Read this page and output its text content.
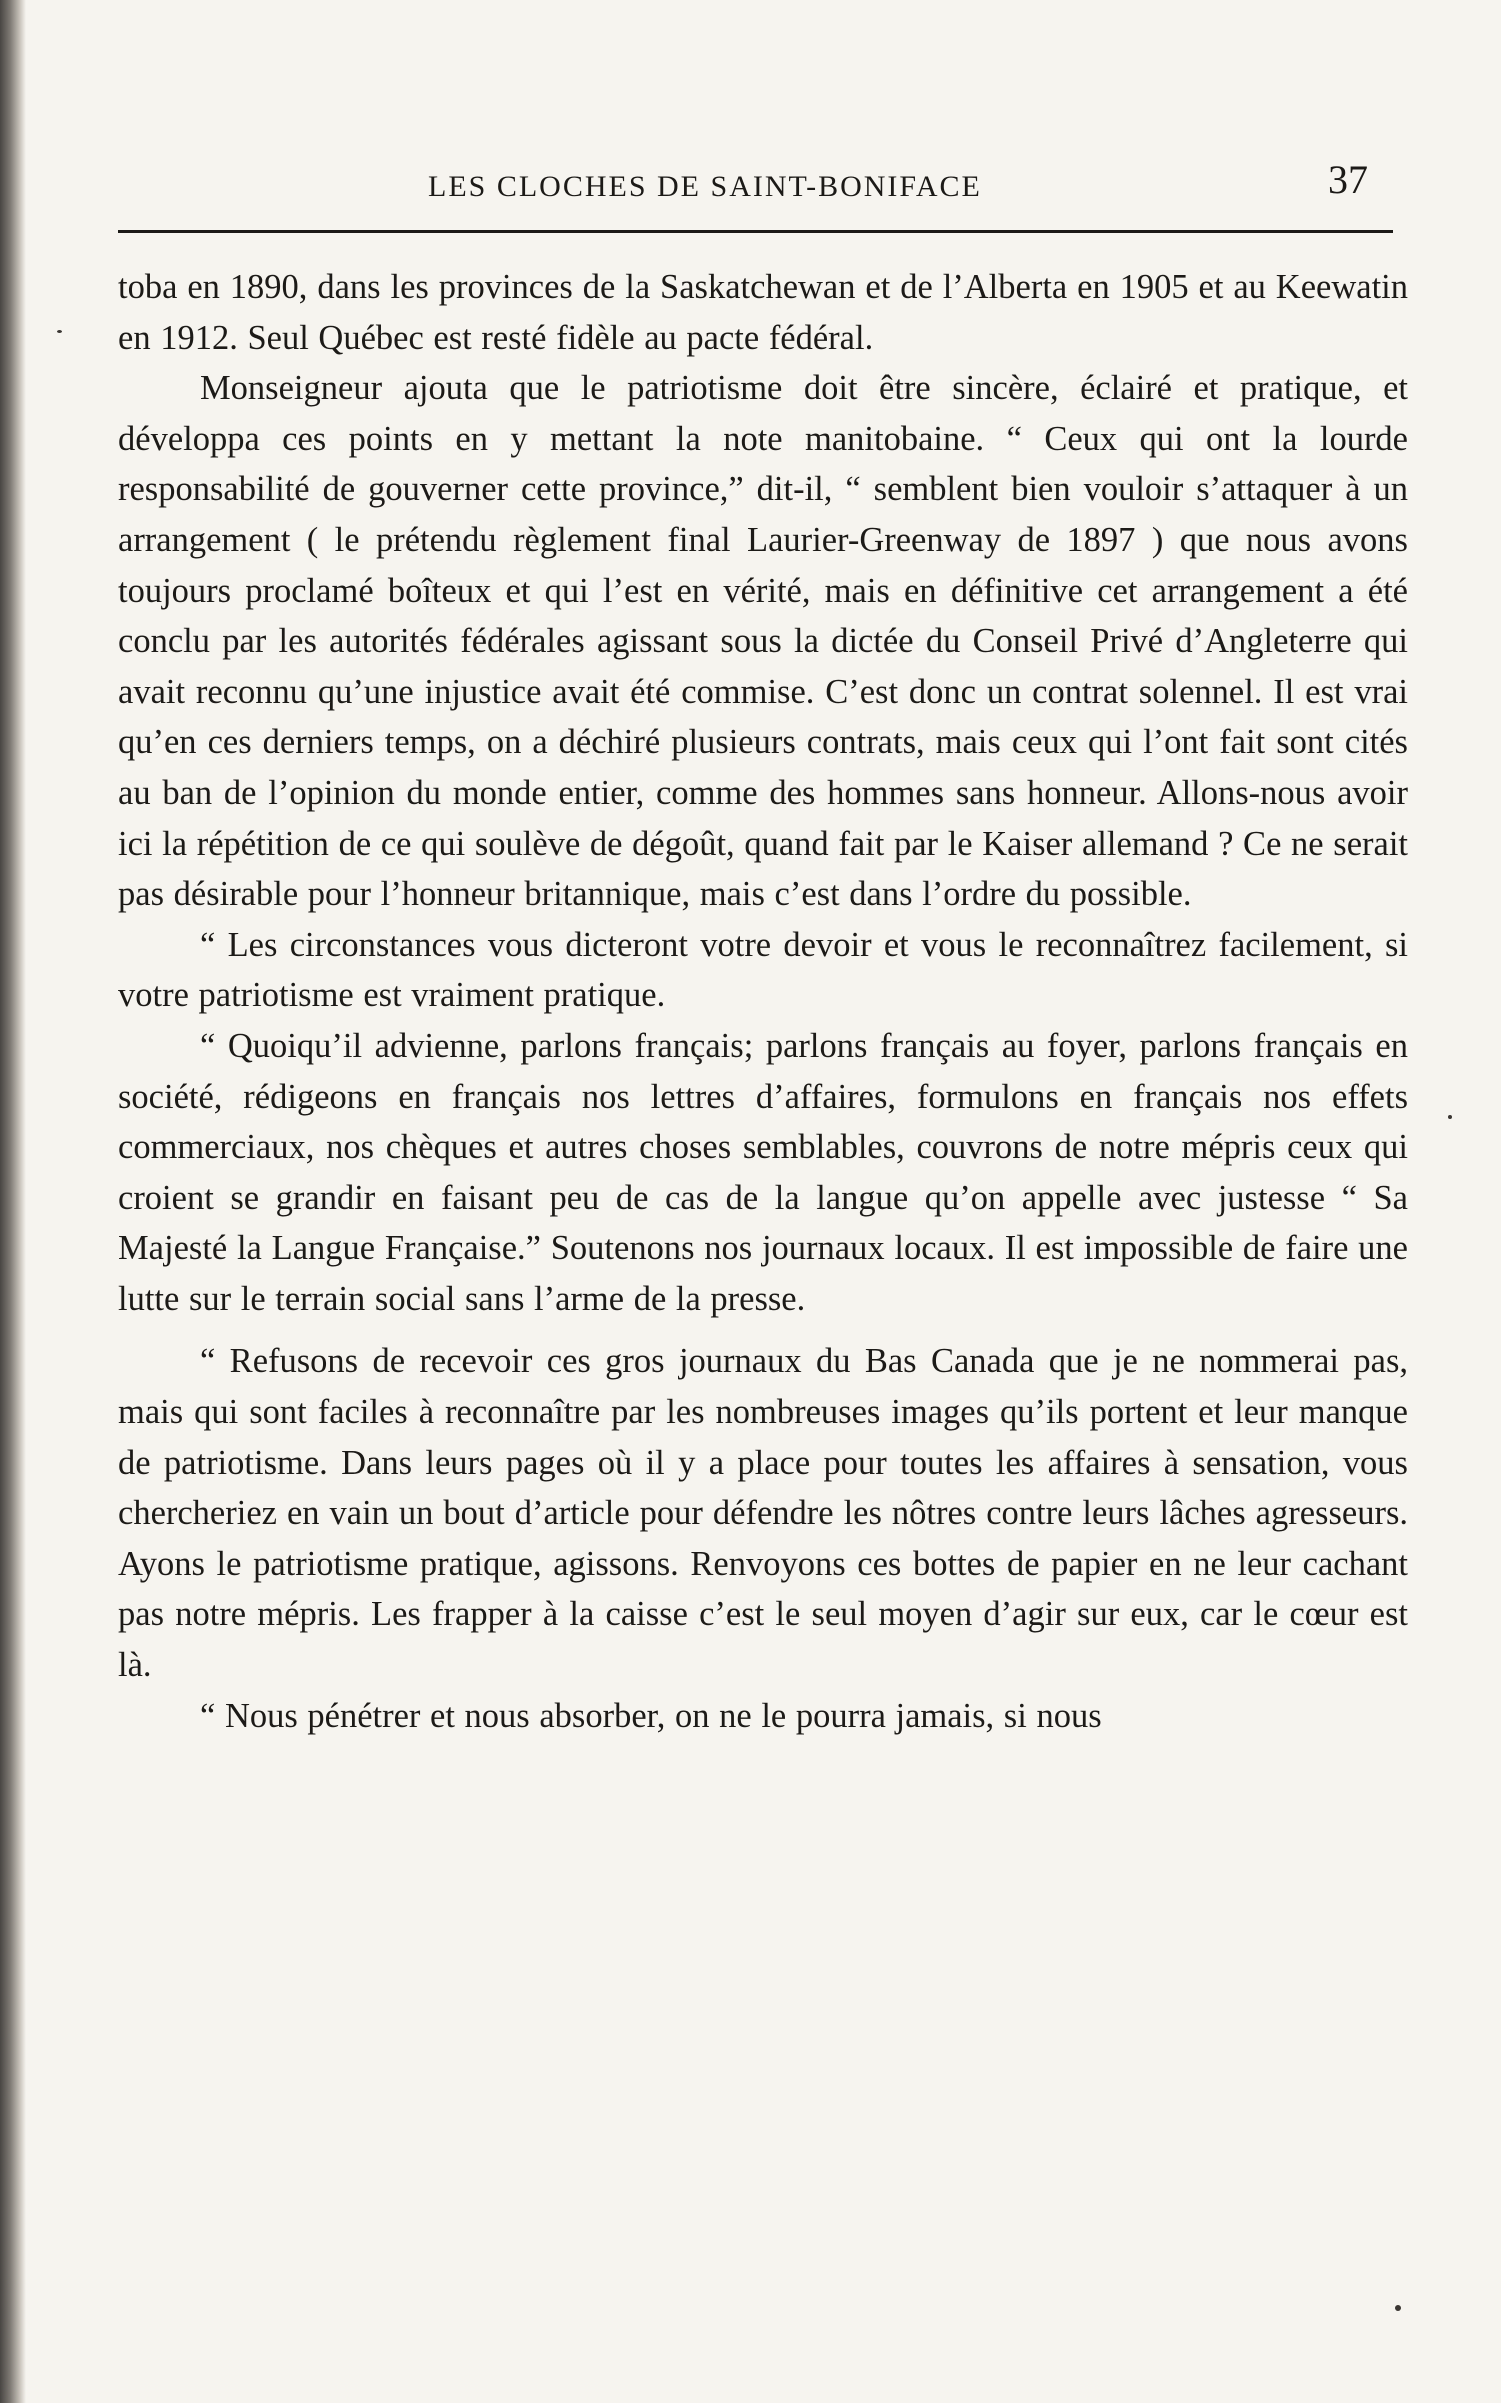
LES CLOCHES DE SAINT-BONIFACE	37

toba en 1890, dans les provinces de la Saskatchewan et de l’Alberta en 1905 et au Keewatin en 1912. Seul Québec est resté fidèle au pacte fédéral.

Monseigneur ajouta que le patriotisme doit être sincère, éclairé et pratique, et développa ces points en y mettant la note manitobaine. “ Ceux qui ont la lourde responsabilité de gouverner cette province,” dit-il, “ semblent bien vouloir s’attaquer à un arrangement ( le prétendu règlement final Laurier-Greenway de 1897 ) que nous avons toujours proclamé boîteux et qui l’est en vérité, mais en définitive cet arrangement a été conclu par les autorités fédérales agissant sous la dictée du Conseil Privé d’Angleterre qui avait reconnu qu’une injustice avait été commise. C’est donc un contrat solennel. Il est vrai qu’en ces derniers temps, on a déchiré plusieurs contrats, mais ceux qui l’ont fait sont cités au ban de l’opinion du monde entier, comme des hommes sans honneur. Allons-nous avoir ici la répétition de ce qui soulève de dégoût, quand fait par le Kaiser allemand ? Ce ne serait pas désirable pour l’honneur britannique, mais c’est dans l’ordre du possible.

“ Les circonstances vous dicteront votre devoir et vous le reconnaîtrez facilement, si votre patriotisme est vraiment pratique.

“ Quoiqu’il advienne, parlons français; parlons français au foyer, parlons français en société, rédigeons en français nos lettres d’affaires, formulons en français nos effets commerciaux, nos chèques et autres choses semblables, couvrons de notre mépris ceux qui croient se grandir en faisant peu de cas de la langue qu’on appelle avec justesse “ Sa Majesté la Langue Française.” Soutenons nos journaux locaux. Il est impossible de faire une lutte sur le terrain social sans l’arme de la presse.

“ Refusons de recevoir ces gros journaux du Bas Canada que je ne nommerai pas, mais qui sont faciles à reconnaître par les nombreuses images qu’ils portent et leur manque de patriotisme. Dans leurs pages où il y a place pour toutes les affaires à sensation, vous chercheriez en vain un bout d’article pour défendre les nôtres contre leurs lâches agresseurs. Ayons le patriotisme pratique, agissons. Renvoyons ces bottes de papier en ne leur cachant pas notre mépris. Les frapper à la caisse c’est le seul moyen d’agir sur eux, car le cœur est là.

“ Nous pénétrer et nous absorber, on ne le pourra jamais, si nous
